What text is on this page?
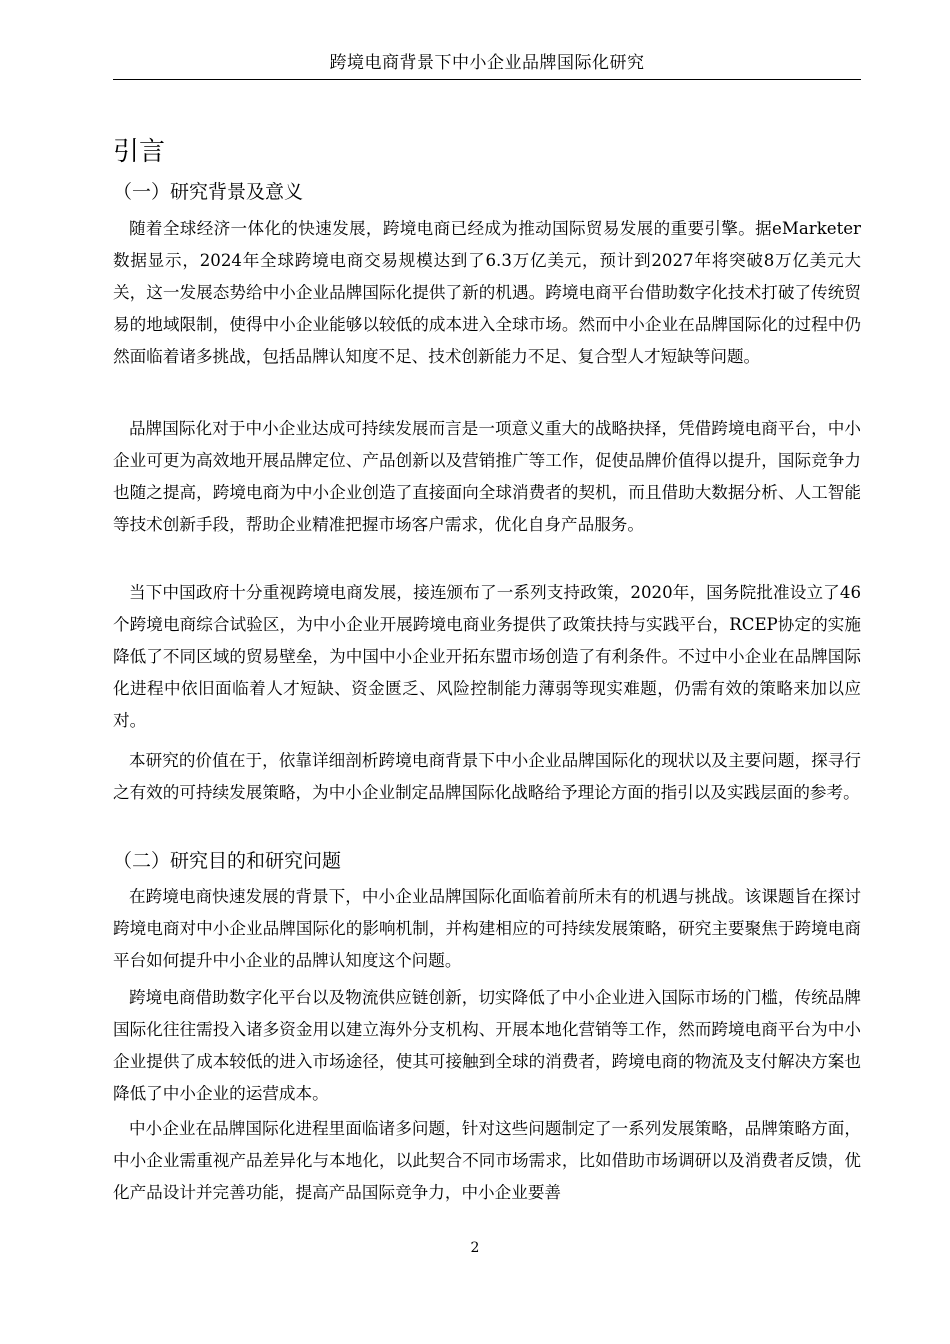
跨境电商背景下中小企业品牌国际化研究
引言
（一）研究背景及意义

随着全球经济一体化的快速发展，跨境电商已经成为推动国际贸易发展的重要引擎。据eMarketer数据显示，2024年全球跨境电商交易规模达到了6.3万亿美元，预计到2027年将突破8万亿美元大关，这一发展态势给中小企业品牌国际化提供了新的机遇。跨境电商平台借助数字化技术打破了传统贸易的地域限制，使得中小企业能够以较低的成本进入全球市场。然而中小企业在品牌国际化的过程中仍然面临着诸多挑战，包括品牌认知度不足、技术创新能力不足、复合型人才短缺等问题。

品牌国际化对于中小企业达成可持续发展而言是一项意义重大的战略抉择，凭借跨境电商平台，中小企业可更为高效地开展品牌定位、产品创新以及营销推广等工作，促使品牌价值得以提升，国际竞争力也随之提高，跨境电商为中小企业创造了直接面向全球消费者的契机，而且借助大数据分析、人工智能等技术创新手段，帮助企业精准把握市场客户需求，优化自身产品服务。

当下中国政府十分重视跨境电商发展，接连颁布了一系列支持政策，2020年，国务院批准设立了46个跨境电商综合试验区，为中小企业开展跨境电商业务提供了政策扶持与实践平台，RCEP协定的实施降低了不同区域的贸易壁垒，为中国中小企业开拓东盟市场创造了有利条件。不过中小企业在品牌国际化进程中依旧面临着人才短缺、资金匮乏、风险控制能力薄弱等现实难题，仍需有效的策略来加以应对。

本研究的价值在于，依靠详细剖析跨境电商背景下中小企业品牌国际化的现状以及主要问题，探寻行之有效的可持续发展策略，为中小企业制定品牌国际化战略给予理论方面的指引以及实践层面的参考。

（二）研究目的和研究问题

在跨境电商快速发展的背景下，中小企业品牌国际化面临着前所未有的机遇与挑战。该课题旨在探讨跨境电商对中小企业品牌国际化的影响机制，并构建相应的可持续发展策略，研究主要聚焦于跨境电商平台如何提升中小企业的品牌认知度这个问题。

跨境电商借助数字化平台以及物流供应链创新，切实降低了中小企业进入国际市场的门槛，传统品牌国际化往往需投入诸多资金用以建立海外分支机构、开展本地化营销等工作，然而跨境电商平台为中小企业提供了成本较低的进入市场途径，使其可接触到全球的消费者，跨境电商的物流及支付解决方案也降低了中小企业的运营成本。

中小企业在品牌国际化进程里面临诸多问题，针对这些问题制定了一系列发展策略，品牌策略方面，中小企业需重视产品差异化与本地化，以此契合不同市场需求，比如借助市场调研以及消费者反馈，优化产品设计并完善功能，提高产品国际竞争力，中小企业要善

2
